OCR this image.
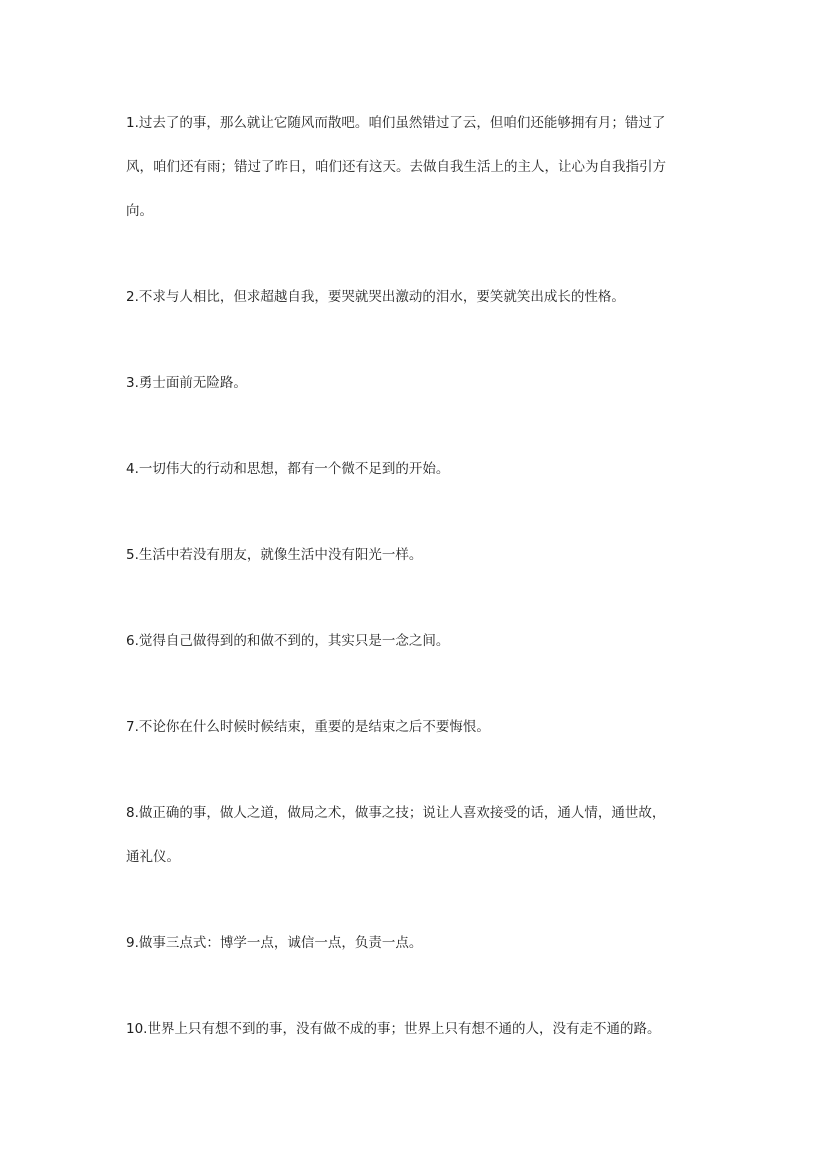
1.过去了的事，那么就让它随风而散吧。咱们虽然错过了云，但咱们还能够拥有月；错过了
风，咱们还有雨；错过了昨日，咱们还有这天。去做自我生活上的主人，让心为自我指引方
向。
2.不求与人相比，但求超越自我，要哭就哭出激动的泪水，要笑就笑出成长的性格。
3.勇士面前无险路。
4.一切伟大的行动和思想，都有一个微不足到的开始。
5.生活中若没有朋友，就像生活中没有阳光一样。
6.觉得自己做得到的和做不到的，其实只是一念之间。
7.不论你在什么时候时候结束，重要的是结束之后不要悔恨。
8.做正确的事，做人之道，做局之术，做事之技；说让人喜欢接受的话，通人情，通世故，
通礼仪。
9.做事三点式：博学一点，诚信一点，负责一点。
10.世界上只有想不到的事，没有做不成的事；世界上只有想不通的人，没有走不通的路。
